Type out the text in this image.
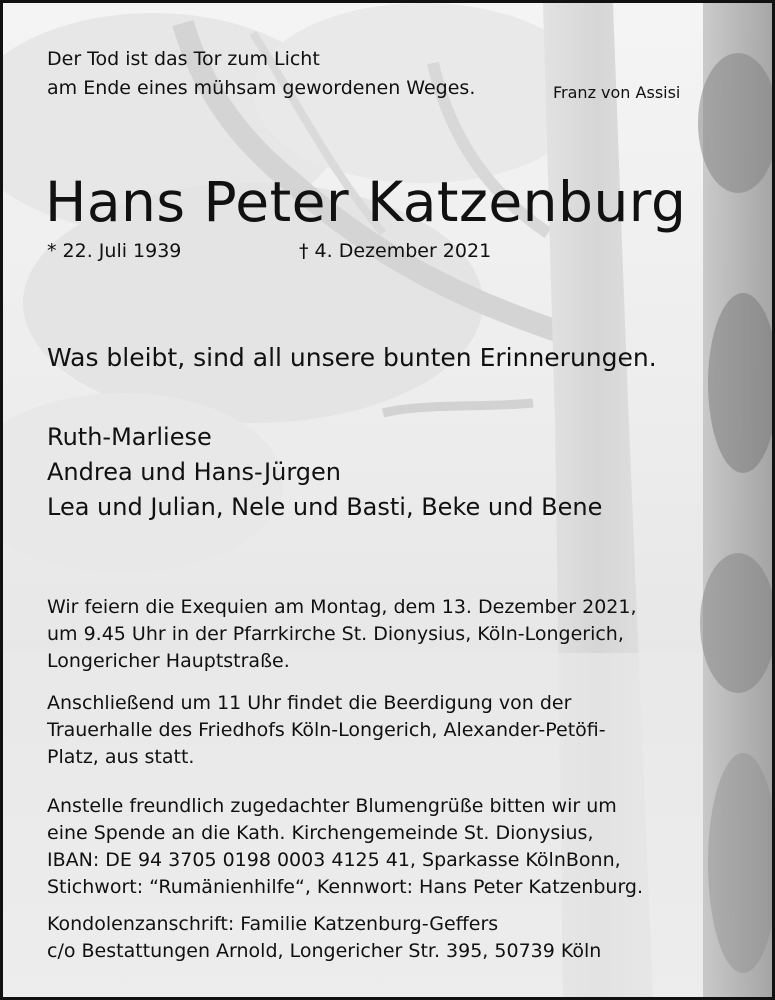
Der Tod ist das Tor zum Licht
am Ende eines mühsam gewordenen Weges.	Franz von Assisi
Hans Peter Katzenburg
* 22. Juli 1939	† 4. Dezember 2021
Was bleibt, sind all unsere bunten Erinnerungen.
Ruth-Marliese
Andrea und Hans-Jürgen
Lea und Julian, Nele und Basti, Beke und Bene
Wir feiern die Exequien am Montag, dem 13. Dezember 2021,
um 9.45 Uhr in der Pfarrkirche St. Dionysius, Köln-Longerich,
Longericher Hauptstraße.
Anschließend um 11 Uhr findet die Beerdigung von der
Trauerhalle des Friedhofs Köln-Longerich, Alexander-Petöfi-
Platz, aus statt.
Anstelle freundlich zugedachter Blumengrüße bitten wir um
eine Spende an die Kath. Kirchengemeinde St. Dionysius,
IBAN: DE 94 3705 0198 0003 4125 41, Sparkasse KölnBonn,
Stichwort: “Rumänienhilfe“, Kennwort: Hans Peter Katzenburg.
Kondolenzanschrift: Familie Katzenburg-Geffers
c/o Bestattungen Arnold, Longericher Str. 395, 50739 Köln
